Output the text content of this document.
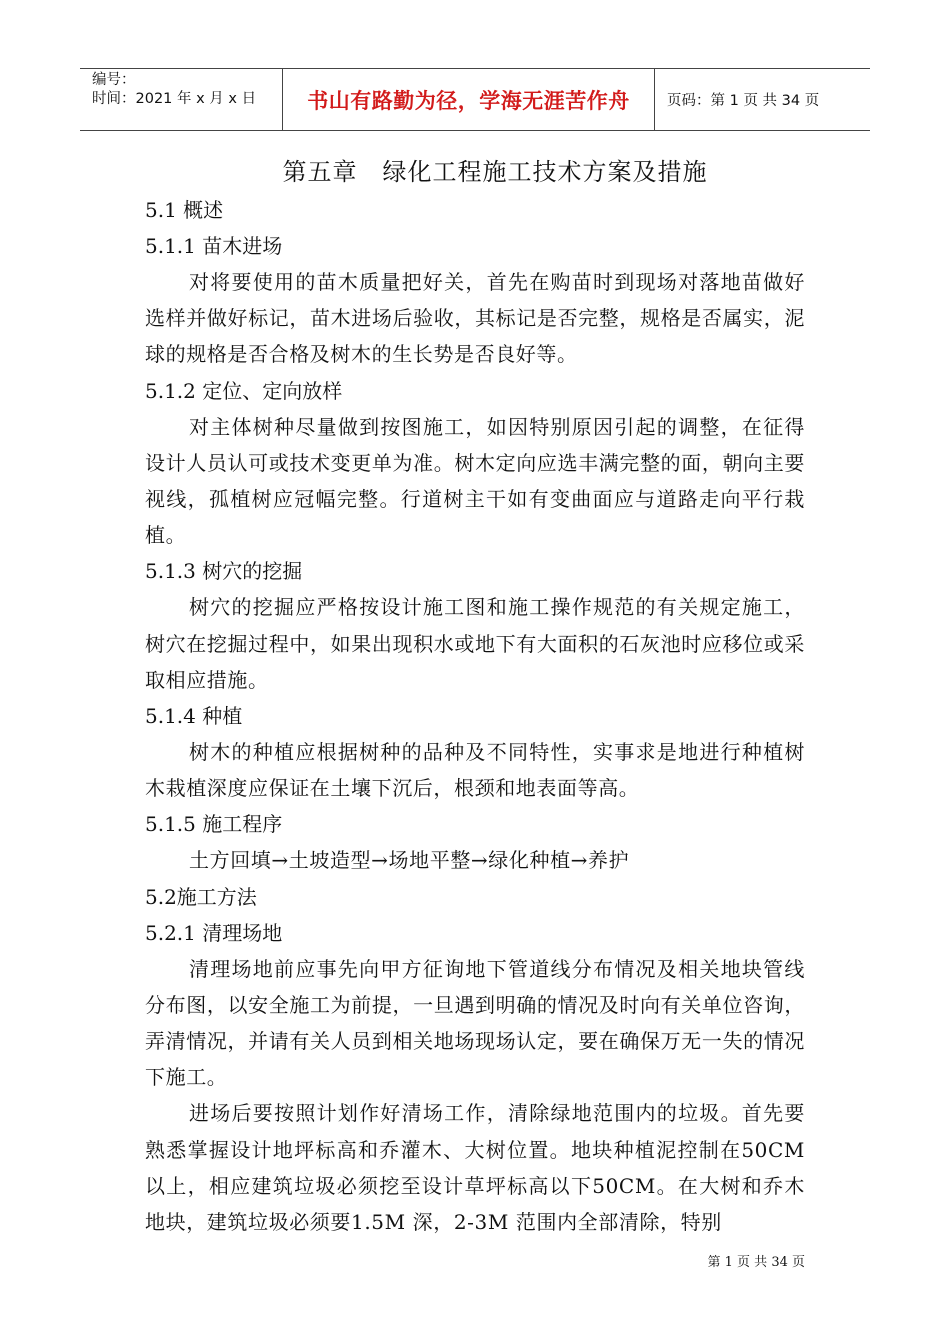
编号：
时间：2021 年 x 月 x 日	书山有路勤为径，学海无涯苦作舟	页码：第 1 页 共 34 页

第五章　绿化工程施工技术方案及措施

5.1 概述

5.1.1 苗木进场

对将要使用的苗木质量把好关，首先在购苗时到现场对落地苗做好选样并做好标记，苗木进场后验收，其标记是否完整，规格是否属实，泥球的规格是否合格及树木的生长势是否良好等。

5.1.2 定位、定向放样

对主体树种尽量做到按图施工，如因特别原因引起的调整，在征得设计人员认可或技术变更单为准。树木定向应选丰满完整的面，朝向主要视线，孤植树应冠幅完整。行道树主干如有变曲面应与道路走向平行栽植。

5.1.3 树穴的挖掘

树穴的挖掘应严格按设计施工图和施工操作规范的有关规定施工，树穴在挖掘过程中，如果出现积水或地下有大面积的石灰池时应移位或采取相应措施。

5.1.4 种植

树木的种植应根据树种的品种及不同特性，实事求是地进行种植树木栽植深度应保证在土壤下沉后，根颈和地表面等高。

5.1.5 施工程序

土方回填→土坡造型→场地平整→绿化种植→养护

5.2施工方法

5.2.1 清理场地

清理场地前应事先向甲方征询地下管道线分布情况及相关地块管线分布图，以安全施工为前提，一旦遇到明确的情况及时向有关单位咨询，弄清情况，并请有关人员到相关地场现场认定，要在确保万无一失的情况下施工。

进场后要按照计划作好清场工作，清除绿地范围内的垃圾。首先要熟悉掌握设计地坪标高和乔灌木、大树位置。地块种植泥控制在50CM 以上，相应建筑垃圾必须挖至设计草坪标高以下50CM。在大树和乔木地块，建筑垃圾必须要1.5M 深，2-3M 范围内全部清除，特别

第 1 页 共 34 页
